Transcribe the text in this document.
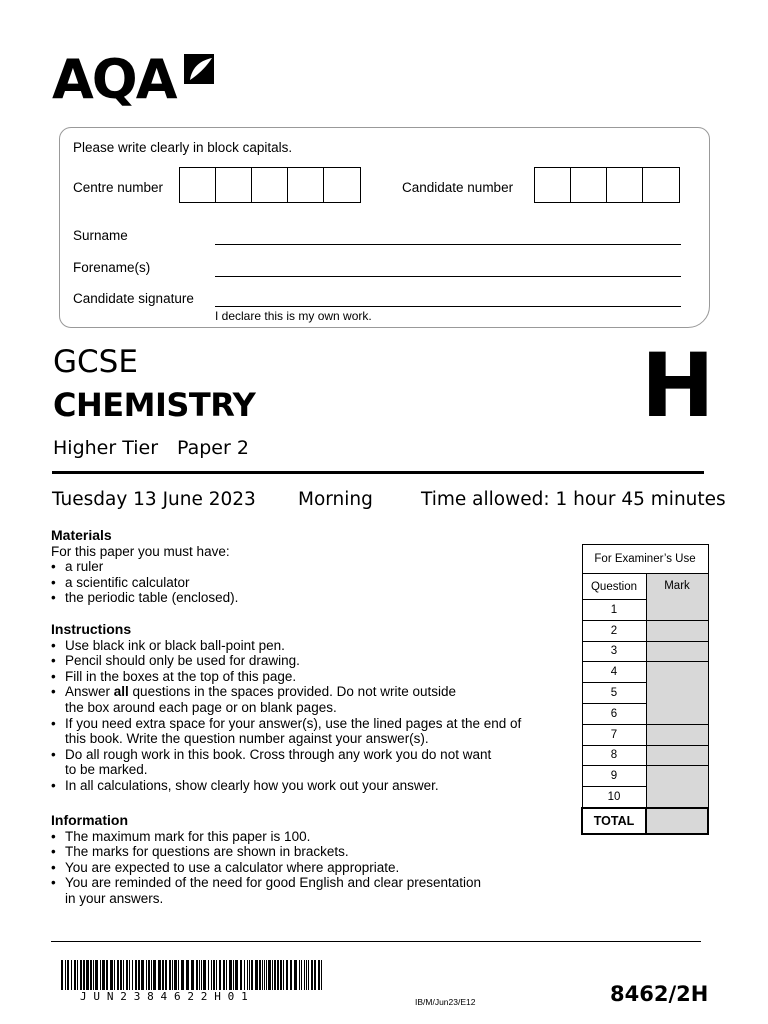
AQA
Please write clearly in block capitals.
Centre number	Candidate number
Surname
Forename(s)
Candidate signature
I declare this is my own work.
GCSE
CHEMISTRY
Higher Tier Paper 2
H
Tuesday 13 June 2023 Morning	Time allowed: 1 hour 45 minutes
Materials
For this paper you must have:
• a ruler
• a scientific calculator
• the periodic table (enclosed).
Instructions
• Use black ink or black ball-point pen.
• Pencil should only be used for drawing.
• Fill in the boxes at the top of this page.
• Answer all questions in the spaces provided. Do not write outside
the box around each page or on blank pages.
• If you need extra space for your answer(s), use the lined pages at the end of
this book. Write the question number against your answer(s).
• Do all rough work in this book. Cross through any work you do not want
to be marked.
• In all calculations, show clearly how you work out your answer.
Information
• The maximum mark for this paper is 100.
• The marks for questions are shown in brackets.
• You are expected to use a calculator where appropriate.
• You are reminded of the need for good English and clear presentation
in your answers.
For Examiner’s Use	
Question	Mark
1	
2	
3	
4	
5	
6	
7	
8	
9	
10	
TOTAL	
JUN2384622H01	IB/M/Jun23/E12	8462/2H
